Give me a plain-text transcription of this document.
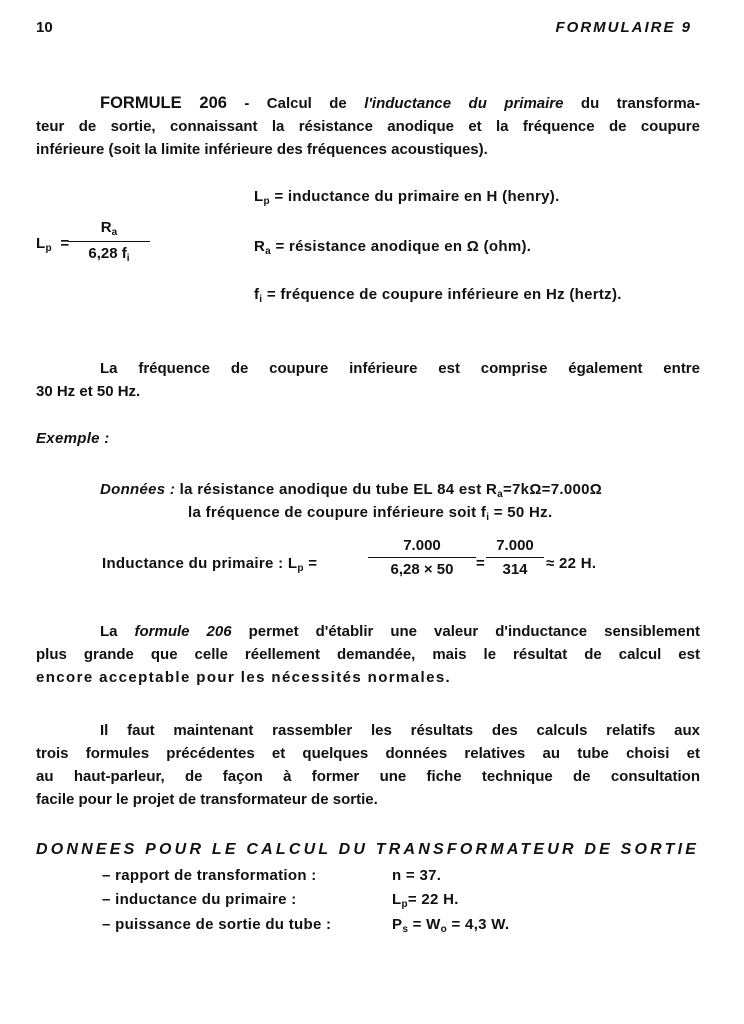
10	FORMULAIRE 9
FORMULE 206 - Calcul de l'inductance du primaire du transforma-
teur de sortie, connaissant la résistance anodique et la fréquence de coupure
inférieure (soit la limite inférieure des fréquences acoustiques).
$L_p$ =
$R_a$
6,28 $f_i$
$L_p$ = inductance du primaire en H (henry).
$R_a$ = résistance anodique en Ω (ohm).
$f_i$ = fréquence de coupure inférieure en Hz (hertz).
La fréquence de coupure inférieure est comprise également entre
30 Hz et 50 Hz.
Exemple :
Données : la résistance anodique du tube EL 84 est $R_a=7k\Omega=7.000\Omega$
la fréquence de coupure inférieure soit $f_i = 50$ Hz.
Inductance du primaire : $L_p$ =
7.000
6,28 × 50	=
7.000
314	≈ 22 H.
La formule 206 permet d'établir une valeur d'inductance sensiblement
plus grande que celle réellement demandée, mais le résultat de calcul est
encore acceptable pour les nécessités normales.
Il faut maintenant rassembler les résultats des calculs relatifs aux
trois formules précédentes et quelques données relatives au tube choisi et
au haut-parleur, de façon à former une fiche technique de consultation
facile pour le projet de transformateur de sortie.
DONNEES POUR LE CALCUL DU TRANSFORMATEUR DE SORTIE
– rapport de transformation :	n = 37.
– inductance du primaire :	$L_p= 22$ H.
– puissance de sortie du tube :	$P_s = W_o = 4,3$ W.
